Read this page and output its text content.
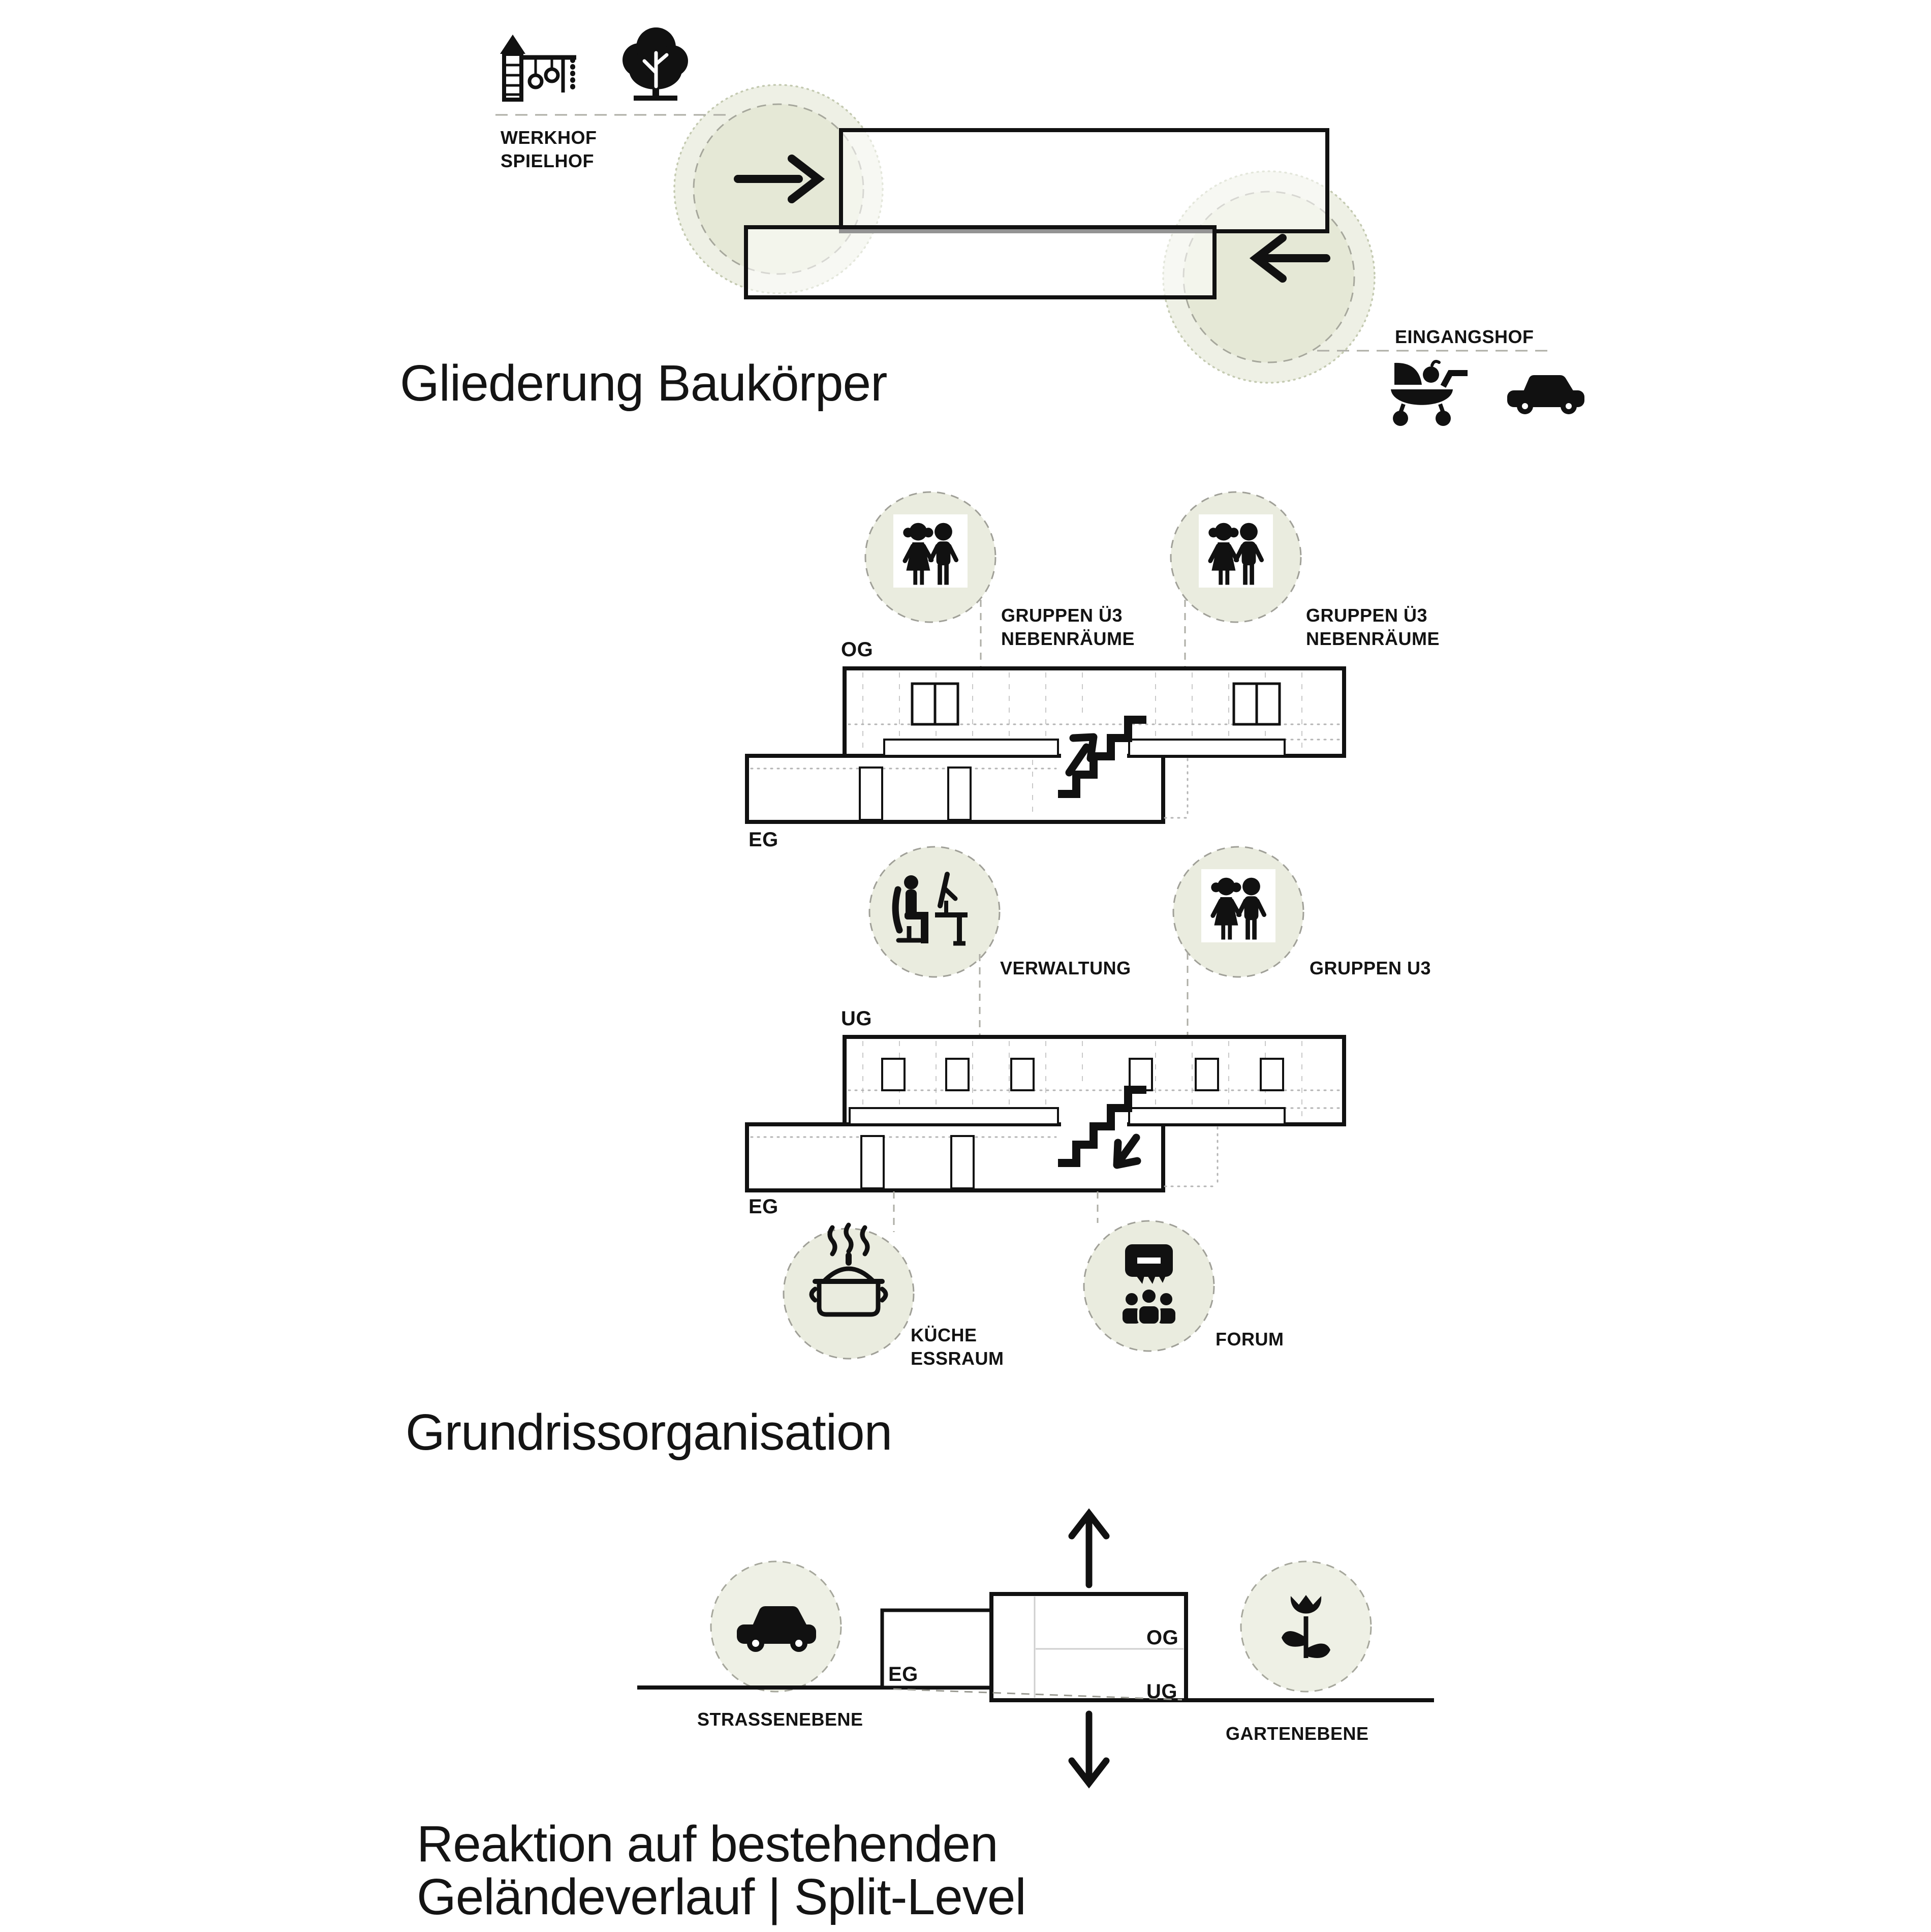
WERKHOF
SPIELHOF
EINGANGSHOF
Gliederung Baukörper
GRUPPEN Ü3
NEBENRÄUME
GRUPPEN Ü3
NEBENRÄUME
OG
EG
VERWALTUNG	GRUPPEN U3
UG
EG
KÜCHE
ESSRAUM
FORUM
Grundrissorganisation
EG
OG
UG
STRASSENEBENE
GARTENEBENE
Reaktion auf bestehenden
Geländeverlauf | Split-Level
